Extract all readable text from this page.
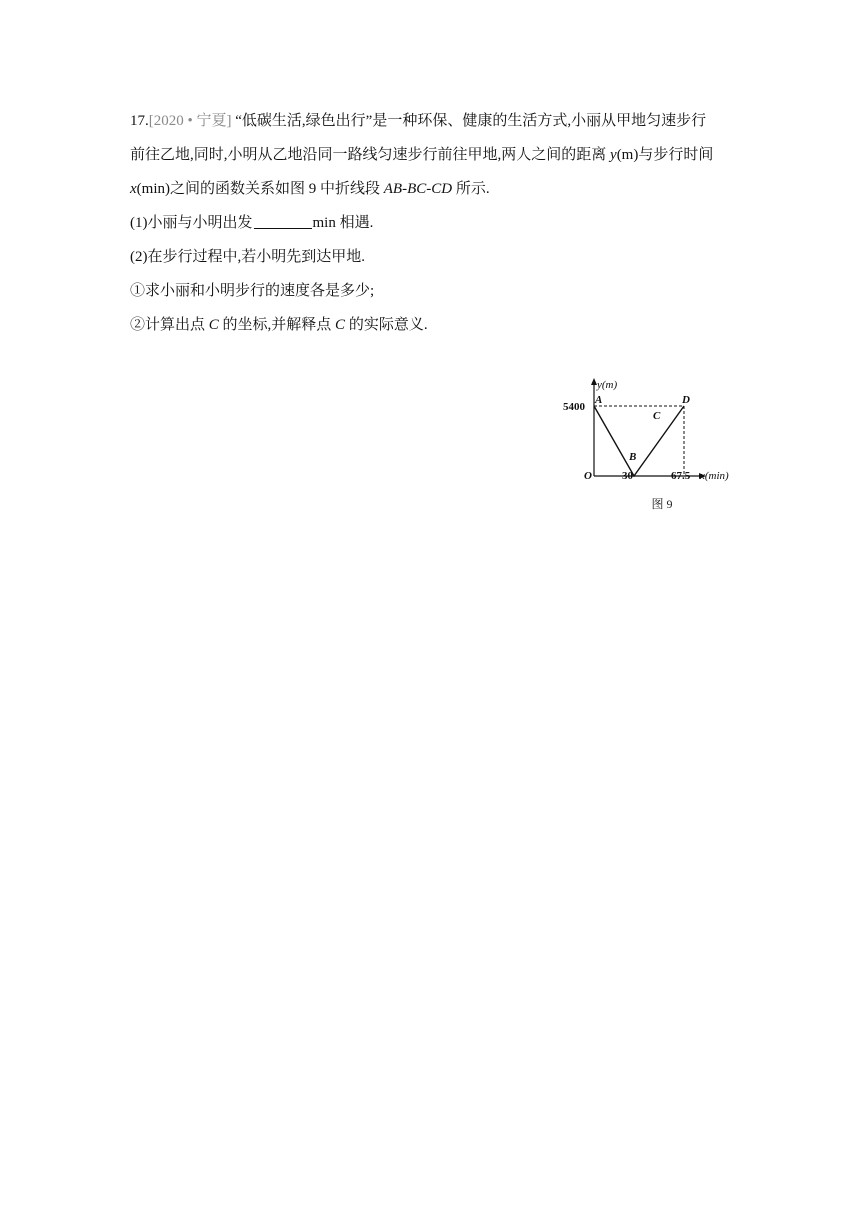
17.[2020 • 宁夏] “低碳生活,绿色出行”是一种环保、健康的生活方式,小丽从甲地匀速步行

前往乙地,同时,小明从乙地沿同一路线匀速步行前往甲地,两人之间的距离 y(m)与步行时间

x(min)之间的函数关系如图 9 中折线段 AB-BC-CD 所示.

(1)小丽与小明出发	min 相遇.

(2)在步行过程中,若小明先到达甲地.

①求小丽和小明步行的速度各是多少;

②计算出点 C 的坐标,并解释点 C 的实际意义.

y(m)
x(min)
5400
O	30	67.5
A
B
C
D
图 9
